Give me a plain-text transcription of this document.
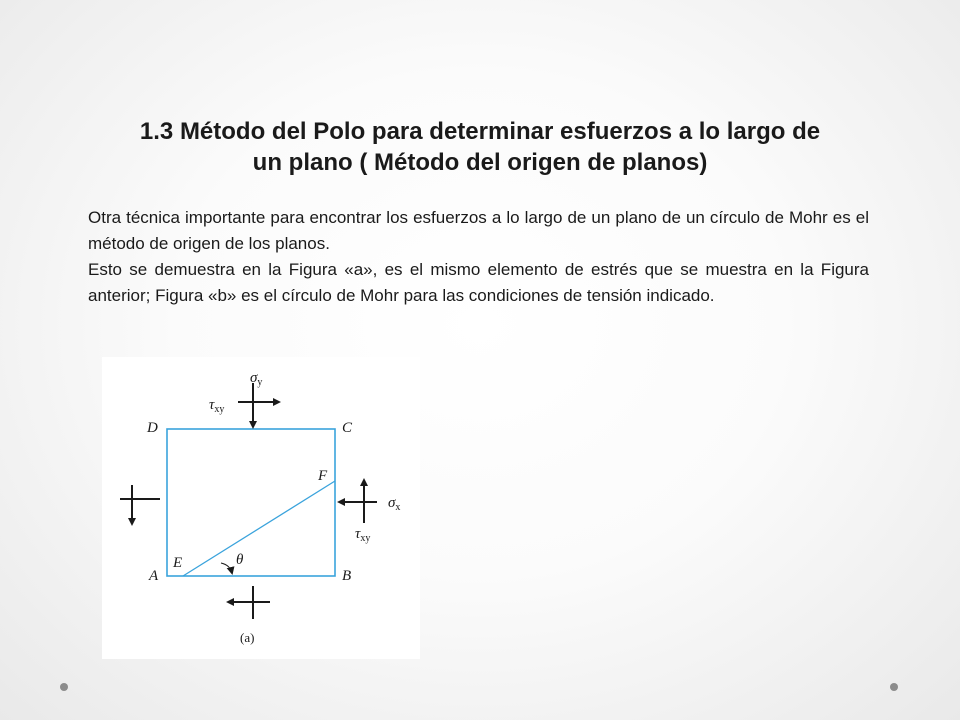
1.3 Método del Polo para determinar esfuerzos a lo largo de
un plano ( Método del origen de planos)

Otra técnica importante para encontrar los esfuerzos a lo largo de un plano de un círculo de Mohr es el método de origen de los planos.

Esto se demuestra en la Figura «a», es el mismo elemento de estrés que se muestra en la Figura anterior; Figura «b» es el círculo de Mohr para las condiciones de tensión indicado.

D	C
A	B
E
F
θ
$\sigma_y$
$\tau_{xy}$
$\sigma_x$
$\tau_{xy}$
(a)
